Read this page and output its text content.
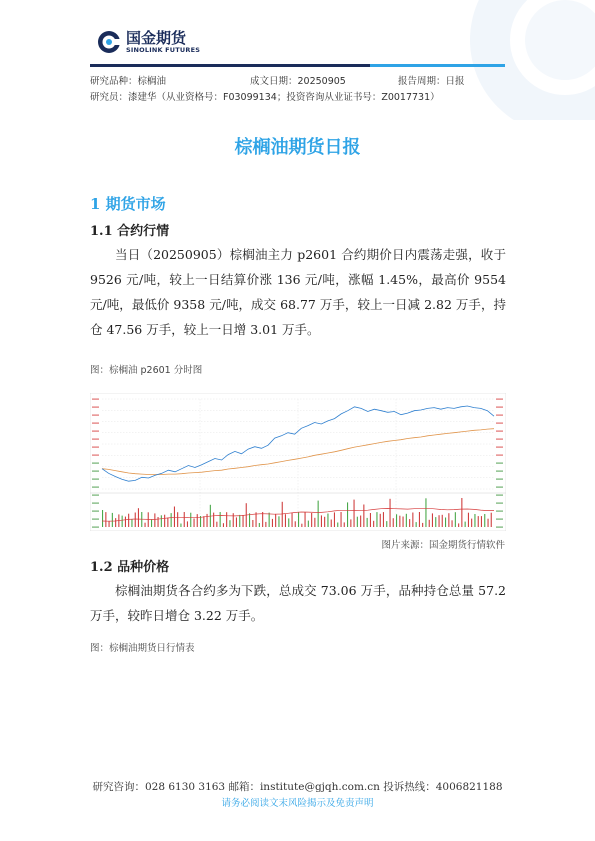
国金期货
SINOLINK FUTURES
研究品种：棕榈油	成文日期：20250905	报告周期：日报
研究员：漆建华（从业资格号：F03099134；投资咨询从业证书号：Z0017731）
棕榈油期货日报
1 期货市场
1.1 合约行情

当日（20250905）棕榈油主力 p2601 合约期价日内震荡走强，收于 9526 元/吨，较上一日结算价涨 136 元/吨，涨幅 1.45%，最高价 9554 元/吨，最低价 9358 元/吨，成交 68.77 万手，较上一日减 2.82 万手，持仓 47.56 万手，较上一日增 3.01 万手。

图：棕榈油 p2601 分时图
图片来源：国金期货行情软件
1.2 品种价格

棕榈油期货各合约多为下跌，总成交 73.06 万手，品种持仓总量 57.2 万手，较昨日增仓 3.22 万手。

图：棕榈油期货日行情表
研究咨询：028 6130 3163 邮箱：institute@gjqh.com.cn 投诉热线：4006821188
请务必阅读文末风险揭示及免责声明
